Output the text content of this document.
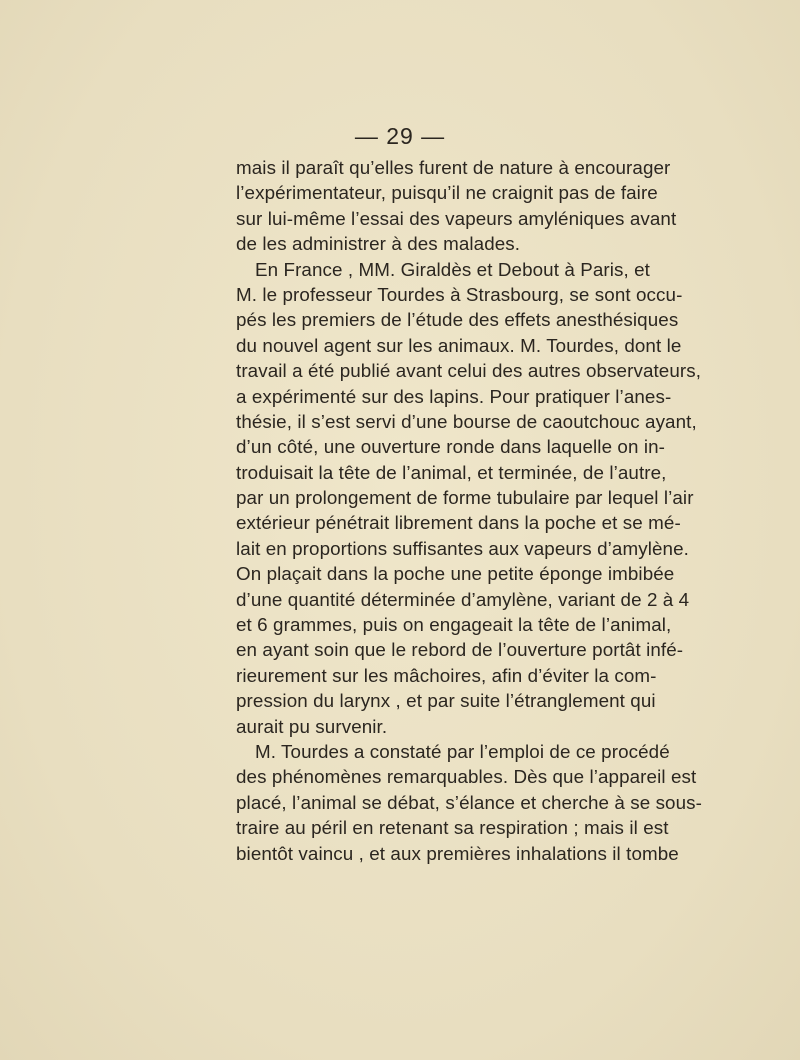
— 29 —
mais il paraît qu’elles furent de nature à encourager
l’expérimentateur, puisqu’il ne craignit pas de faire
sur lui-même l’essai des vapeurs amyléniques avant
de les administrer à des malades.
En France , MM. Giraldès et Debout à Paris, et
M. le professeur Tourdes à Strasbourg, se sont occu-
pés les premiers de l’étude des effets anesthésiques
du nouvel agent sur les animaux. M. Tourdes, dont le
travail a été publié avant celui des autres observateurs,
a expérimenté sur des lapins. Pour pratiquer l’anes-
thésie, il s’est servi d’une bourse de caoutchouc ayant,
d’un côté, une ouverture ronde dans laquelle on in-
troduisait la tête de l’animal, et terminée, de l’autre,
par un prolongement de forme tubulaire par lequel l’air
extérieur pénétrait librement dans la poche et se mé-
lait en proportions suffisantes aux vapeurs d’amylène.
On plaçait dans la poche une petite éponge imbibée
d’une quantité déterminée d’amylène, variant de 2 à 4
et 6 grammes, puis on engageait la tête de l’animal,
en ayant soin que le rebord de l’ouverture portât infé-
rieurement sur les mâchoires, afin d’éviter la com-
pression du larynx , et par suite l’étranglement qui
aurait pu survenir.
M. Tourdes a constaté par l’emploi de ce procédé
des phénomènes remarquables. Dès que l’appareil est
placé, l’animal se débat, s’élance et cherche à se sous-
traire au péril en retenant sa respiration ; mais il est
bientôt vaincu , et aux premières inhalations il tombe
